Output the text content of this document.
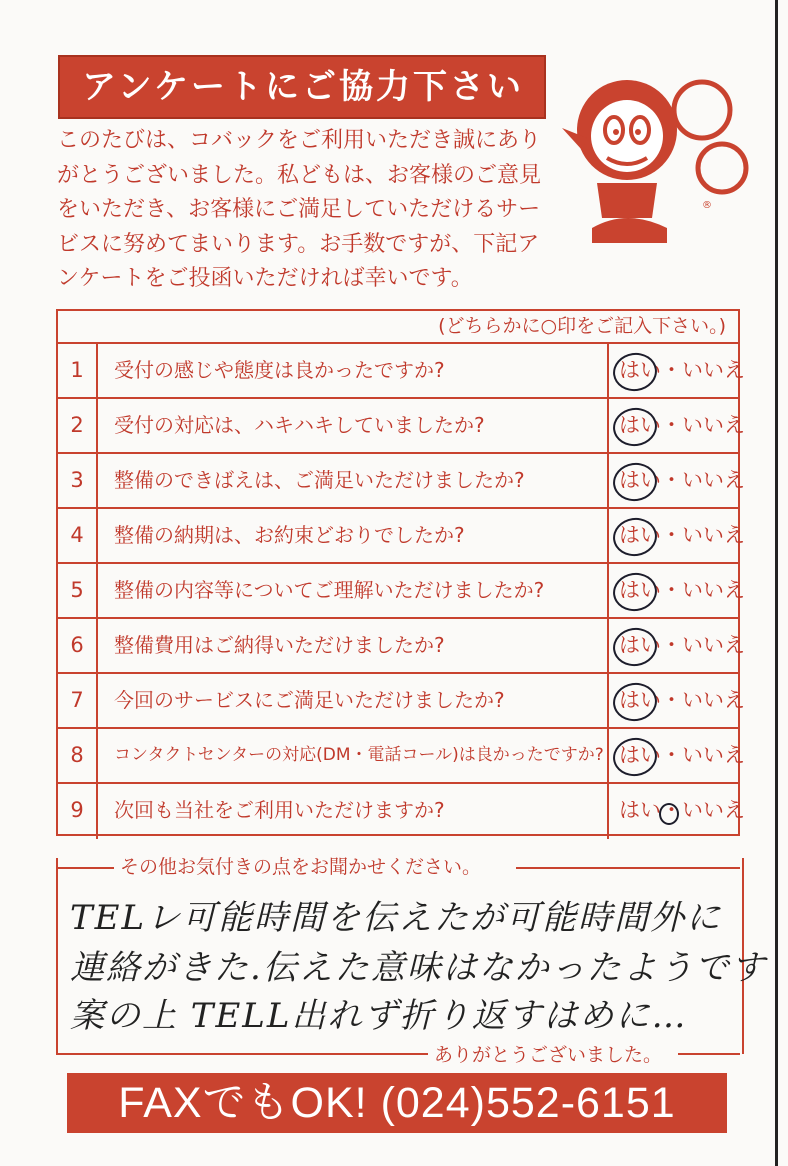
アンケートにご協力下さい

このたびは、コバックをご利用いただき誠にありがとうございました。私どもは、お客様のご意見をいただき、お客様にご満足していただけるサービスに努めてまいります。お手数ですが、下記アンケートをご投函いただければ幸いです。

®
(どちらかに○印をご記入下さい。)
1	受付の感じや態度は良かったですか?	はい・いいえ
2	受付の対応は、ハキハキしていましたか?	はい・いいえ
3	整備のできばえは、ご満足いただけましたか?	はい・いいえ
4	整備の納期は、お約束どおりでしたか?	はい・いいえ
5	整備の内容等についてご理解いただけましたか?	はい・いいえ
6	整備費用はご納得いただけましたか?	はい・いいえ
7	今回のサービスにご満足いただけましたか?	はい・いいえ
8	コンタクトセンターの対応(DM・電話コール)は良かったですか? はい・いいえ
9	次回も当社をご利用いただけますか?	はい・いいえ
その他お気付きの点をお聞かせください。
TELレ可能時間を伝えたが可能時間外に
連絡がきた.伝えた意味はなかったようです
案の上 TELL出れず折り返すはめに…
ありがとうございました。
FAXでもOK! (024)552-6151
